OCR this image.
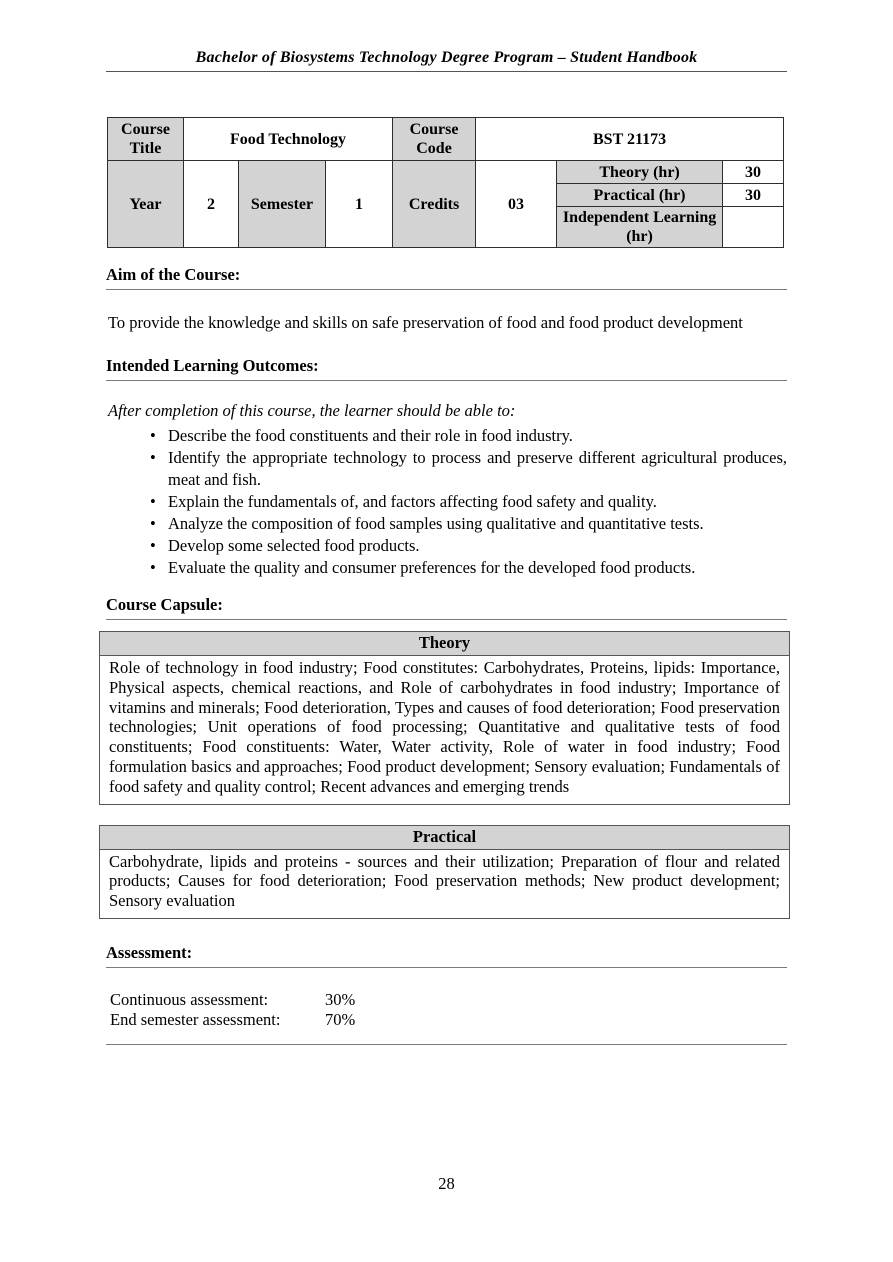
Bachelor of Biosystems Technology Degree Program – Student Handbook
Course Title	Food Technology			Course Code	BST 21173		
Year	2	Semester	1	Credits	03	Theory (hr)	30
						Practical (hr)	30
						Independent Learning (hr)	
Aim of the Course:
To provide the knowledge and skills on safe preservation of food and food product development
Intended Learning Outcomes:
After completion of this course, the learner should be able to:
• Describe the food constituents and their role in food industry.
• Identify the appropriate technology to process and preserve different agricultural produces, meat and fish.
• Explain the fundamentals of, and factors affecting food safety and quality.
• Analyze the composition of food samples using qualitative and quantitative tests.
• Develop some selected food products.
• Evaluate the quality and consumer preferences for the developed food products.
Course Capsule:
Theory
Role of technology in food industry; Food constitutes: Carbohydrates, Proteins, lipids: Importance, Physical aspects, chemical reactions, and Role of carbohydrates in food industry; Importance of vitamins and minerals; Food deterioration, Types and causes of food deterioration; Food preservation technologies; Unit operations of food processing; Quantitative and qualitative tests of food constituents; Food constituents: Water, Water activity, Role of water in food industry; Food formulation basics and approaches; Food product development; Sensory evaluation; Fundamentals of food safety and quality control; Recent advances and emerging trends
Practical
Carbohydrate, lipids and proteins - sources and their utilization; Preparation of flour and related products; Causes for food deterioration; Food preservation methods; New product development; Sensory evaluation
Assessment:
Continuous assessment:	30%
End semester assessment:	70%
28
